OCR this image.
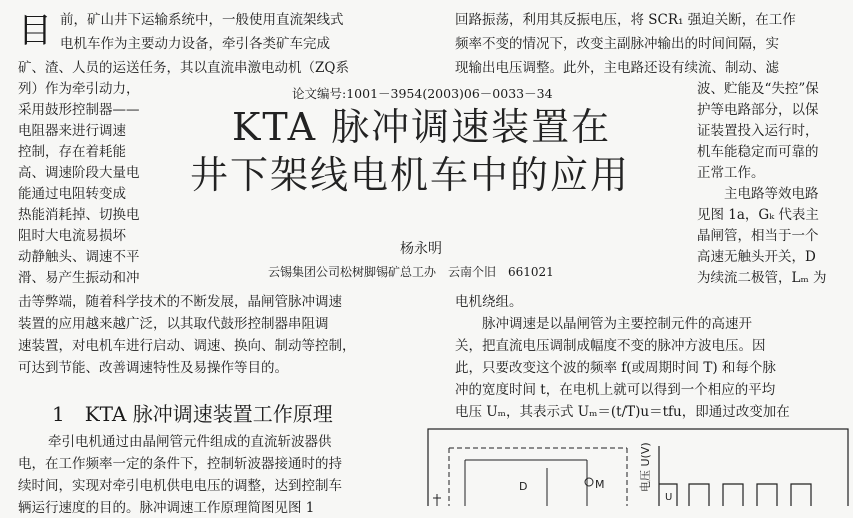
目 前，矿山井下运输系统中，一般使用直流架线式
电机车作为主要动力设备，牵引各类矿车完成
矿、渣、人员的运送任务，其以直流串激电动机（ZQ系
列）作为牵引动力，
采用鼓形控制器——
电阻器来进行调速
控制，存在着耗能
高、调速阶段大量电
能通过电阻转变成
热能消耗掉、切换电
阻时大电流易损坏
动静触头、调速不平
滑、易产生振动和冲
击等弊端，随着科学技术的不断发展，晶闸管脉冲调速
装置的应用越来越广泛，以其取代鼓形控制器串阻调
速装置，对电机车进行启动、调速、换向、制动等控制，
可达到节能、改善调速特性及易操作等目的。
1　KTA 脉冲调速装置工作原理
牵引电机通过由晶闸管元件组成的直流斩波器供
电，在工作频率一定的条件下，控制斩波器接通时的持
续时间，实现对牵引电机供电电压的调整，达到控制车
辆运行速度的目的。脉冲调速工作原理简图见图 1
论文编号:1001－3954(2003)06－0033－34
KTA 脉冲调速装置在
井下架线电机车中的应用
杨永明
云锡集团公司松树脚锡矿总工办　云南个旧　661021
回路振荡，利用其反振电压，将 SCR₁ 强迫关断，在工作
频率不变的情况下，改变主副脉冲输出的时间间隔，实
现输出电压调整。此外，主电路还设有续流、制动、滤
波、贮能及“失控”保
护等电路部分，以保
证装置投入运行时，
机车能稳定而可靠的
正常工作。
　　主电路等效电路
见图 1a，Gₖ 代表主
晶闸管，相当于一个
高速无触头开关，D
为续流二极管，Lₘ 为
电机绕组。
　　脉冲调速是以晶闸管为主要控制元件的高速开
关，把直流电压调制成幅度不变的脉冲方波电压。因
此，只要改变这个波的频率 f(或周期时间 T) 和每个脉
冲的宽度时间 t，在电机上就可以得到一个相应的平均
电压 Uₘ，其表示式 Uₘ＝(t/T)u＝tfu，即通过改变加在
D	M	电压 U(V)
U
